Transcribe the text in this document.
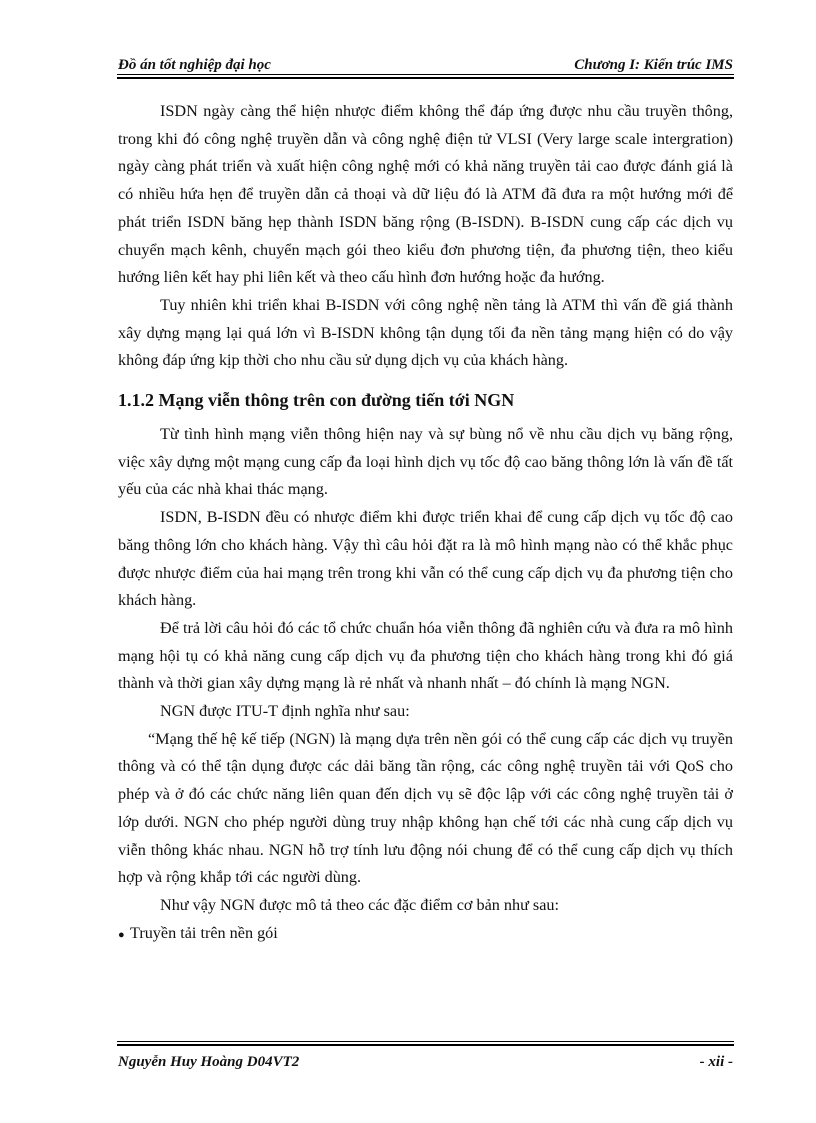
Đồ án tốt nghiệp đại học	Chương I: Kiến trúc IMS

ISDN ngày càng thể hiện nhược điểm không thể đáp ứng được nhu cầu truyền thông, trong khi đó công nghệ truyền dẫn và công nghệ điện tử VLSI (Very large scale intergration) ngày càng phát triển và xuất hiện công nghệ mới có khả năng truyền tải cao được đánh giá là có nhiều hứa hẹn để truyền dẫn cả thoại và dữ liệu đó là ATM đã đưa ra một hướng mới để phát triển ISDN băng hẹp thành ISDN băng rộng (B-ISDN). B-ISDN cung cấp các dịch vụ chuyển mạch kênh, chuyển mạch gói theo kiểu đơn phương tiện, đa phương tiện, theo kiểu hướng liên kết hay phi liên kết và theo cấu hình đơn hướng hoặc đa hướng.

Tuy nhiên khi triển khai B-ISDN với công nghệ nền tảng là ATM thì vấn đề giá thành xây dựng mạng lại quá lớn vì B-ISDN không tận dụng tối đa nền tảng mạng hiện có do vậy không đáp ứng kịp thời cho nhu cầu sử dụng dịch vụ của khách hàng.

1.1.2 Mạng viễn thông trên con đường tiến tới NGN

Từ tình hình mạng viễn thông hiện nay và sự bùng nổ về nhu cầu dịch vụ băng rộng, việc xây dựng một mạng cung cấp đa loại hình dịch vụ tốc độ cao băng thông lớn là vấn đề tất yếu của các nhà khai thác mạng.

ISDN, B-ISDN đều có nhược điểm khi được triển khai để cung cấp dịch vụ tốc độ cao băng thông lớn cho khách hàng. Vậy thì câu hỏi đặt ra là mô hình mạng nào có thể khắc phục được nhược điểm của hai mạng trên trong khi vẫn có thể cung cấp dịch vụ đa phương tiện cho khách hàng.

Để trả lời câu hỏi đó các tổ chức chuẩn hóa viễn thông đã nghiên cứu và đưa ra mô hình mạng hội tụ có khả năng cung cấp dịch vụ đa phương tiện cho khách hàng trong khi đó giá thành và thời gian xây dựng mạng là rẻ nhất và nhanh nhất – đó chính là mạng NGN.

NGN được ITU-T định nghĩa như sau:

“Mạng thế hệ kế tiếp (NGN) là mạng dựa trên nền gói có thể cung cấp các dịch vụ truyền thông và có thể tận dụng được các dải băng tần rộng, các công nghệ truyền tải với QoS cho phép và ở đó các chức năng liên quan đến dịch vụ sẽ độc lập với các công nghệ truyền tải ở lớp dưới. NGN cho phép người dùng truy nhập không hạn chế tới các nhà cung cấp dịch vụ viễn thông khác nhau. NGN hỗ trợ tính lưu động nói chung để có thể cung cấp dịch vụ thích hợp và rộng khắp tới các người dùng.

Như vậy NGN được mô tả theo các đặc điểm cơ bản như sau:

● Truyền tải trên nền gói

Nguyễn Huy Hoàng D04VT2	- xii -
